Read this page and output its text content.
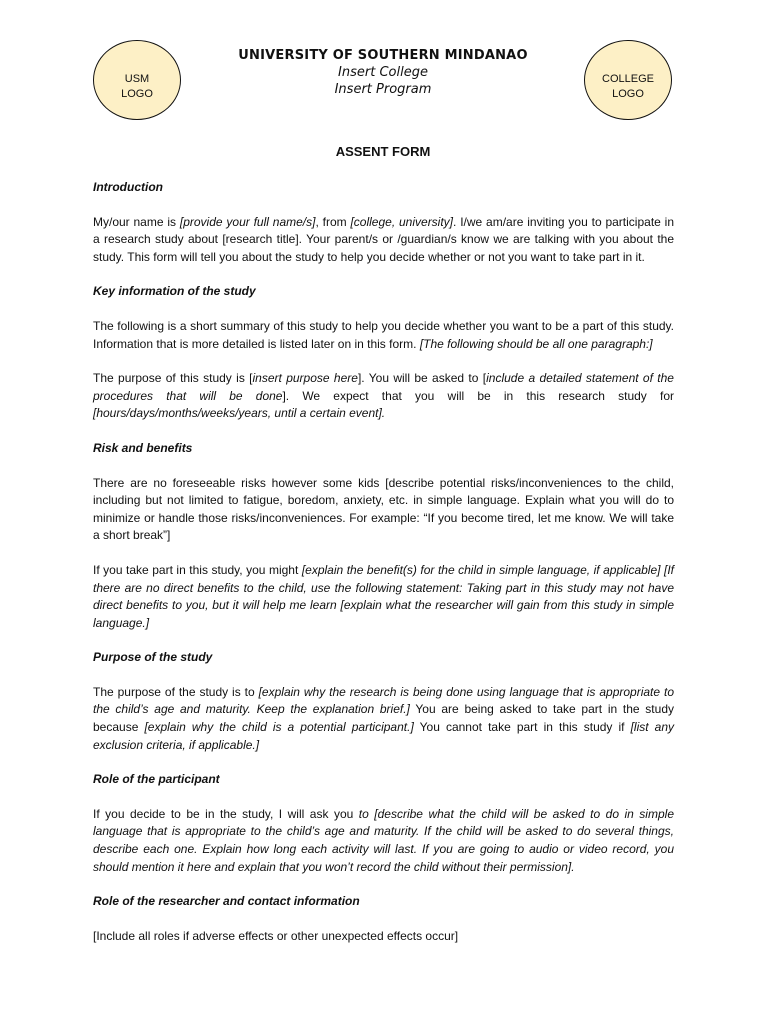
USM
LOGO
UNIVERSITY OF SOUTHERN MINDANAO
Insert College
Insert Program
COLLEGE
LOGO
ASSENT FORM
Introduction

My/our name is [provide your full name/s], from [college, university]. I/we am/are inviting you to participate in a research study about [research title]. Your parent/s or /guardian/s know we are talking with you about the study. This form will tell you about the study to help you decide whether or not you want to take part in it.

Key information of the study

The following is a short summary of this study to help you decide whether you want to be a part of this study. Information that is more detailed is listed later on in this form. [The following should be all one paragraph:]

The purpose of this study is [insert purpose here]. You will be asked to [include a detailed statement of the procedures that will be done]. We expect that you will be in this research study for [hours/days/months/weeks/years, until a certain event].

Risk and benefits

There are no foreseeable risks however some kids [describe potential risks/inconveniences to the child, including but not limited to fatigue, boredom, anxiety, etc. in simple language. Explain what you will do to minimize or handle those risks/inconveniences. For example: “If you become tired, let me know. We will take a short break”]

If you take part in this study, you might [explain the benefit(s) for the child in simple language, if applicable] [If there are no direct benefits to the child, use the following statement: Taking part in this study may not have direct benefits to you, but it will help me learn [explain what the researcher will gain from this study in simple language.]

Purpose of the study

The purpose of the study is to [explain why the research is being done using language that is appropriate to the child’s age and maturity. Keep the explanation brief.] You are being asked to take part in the study because [explain why the child is a potential participant.] You cannot take part in this study if [list any exclusion criteria, if applicable.]

Role of the participant

If you decide to be in the study, I will ask you to [describe what the child will be asked to do in simple language that is appropriate to the child’s age and maturity. If the child will be asked to do several things, describe each one. Explain how long each activity will last. If you are going to audio or video record, you should mention it here and explain that you won’t record the child without their permission].

Role of the researcher and contact information

[Include all roles if adverse effects or other unexpected effects occur]
